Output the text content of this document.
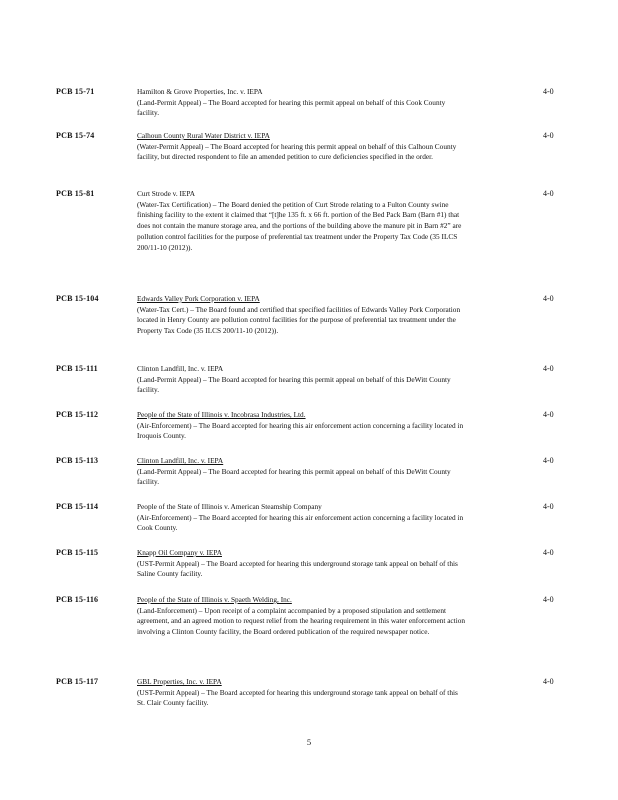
PCB 15-71	Hamilton & Grove Properties, Inc. v. IEPA
(Land-Permit Appeal) – The Board accepted for hearing this permit appeal on behalf of this Cook County facility.
4-0
PCB 15-74	Calhoun County Rural Water District v. IEPA
(Water-Permit Appeal) – The Board accepted for hearing this permit appeal on behalf of this Calhoun County facility, but directed respondent to file an amended petition to cure deficiencies specified in the order.
4-0
PCB 15-81	Curt Strode v. IEPA
(Water-Tax Certification) – The Board denied the petition of Curt Strode relating to a Fulton County swine finishing facility to the extent it claimed that “[t]he 135 ft. x 66 ft. portion of the Bed Pack Barn (Barn #1) that does not contain the manure storage area, and the portions of the building above the manure pit in Barn #2” are pollution control facilities for the purpose of preferential tax treatment under the Property Tax Code (35 ILCS 200/11-10 (2012)).
4-0
PCB 15-104	Edwards Valley Pork Corporation v. IEPA
(Water-Tax Cert.) – The Board found and certified that specified facilities of Edwards Valley Pork Corporation located in Henry County are pollution control facilities for the purpose of preferential tax treatment under the Property Tax Code (35 ILCS 200/11-10 (2012)).
4-0
PCB 15-111	Clinton Landfill, Inc. v. IEPA
(Land-Permit Appeal) – The Board accepted for hearing this permit appeal on behalf of this DeWitt County facility.
4-0
PCB 15-112	People of the State of Illinois v. Incobrasa Industries, Ltd.
(Air-Enforcement) – The Board accepted for hearing this air enforcement action concerning a facility located in Iroquois County.
4-0
PCB 15-113	Clinton Landfill, Inc. v. IEPA
(Land-Permit Appeal) – The Board accepted for hearing this permit appeal on behalf of this DeWitt County facility.
4-0
PCB 15-114	People of the State of Illinois v. American Steamship Company
(Air-Enforcement) – The Board accepted for hearing this air enforcement action concerning a facility located in Cook County.
4-0
PCB 15-115	Knapp Oil Company v. IEPA
(UST-Permit Appeal) – The Board accepted for hearing this underground storage tank appeal on behalf of this Saline County facility.
4-0
PCB 15-116	People of the State of Illinois v. Spaeth Welding, Inc.
(Land-Enforcement) – Upon receipt of a complaint accompanied by a proposed stipulation and settlement agreement, and an agreed motion to request relief from the hearing requirement in this water enforcement action involving a Clinton County facility, the Board ordered publication of the required newspaper notice.
4-0
PCB 15-117	GBL Properties, Inc. v. IEPA
(UST-Permit Appeal) – The Board accepted for hearing this underground storage tank appeal on behalf of this St. Clair County facility.
4-0
5
